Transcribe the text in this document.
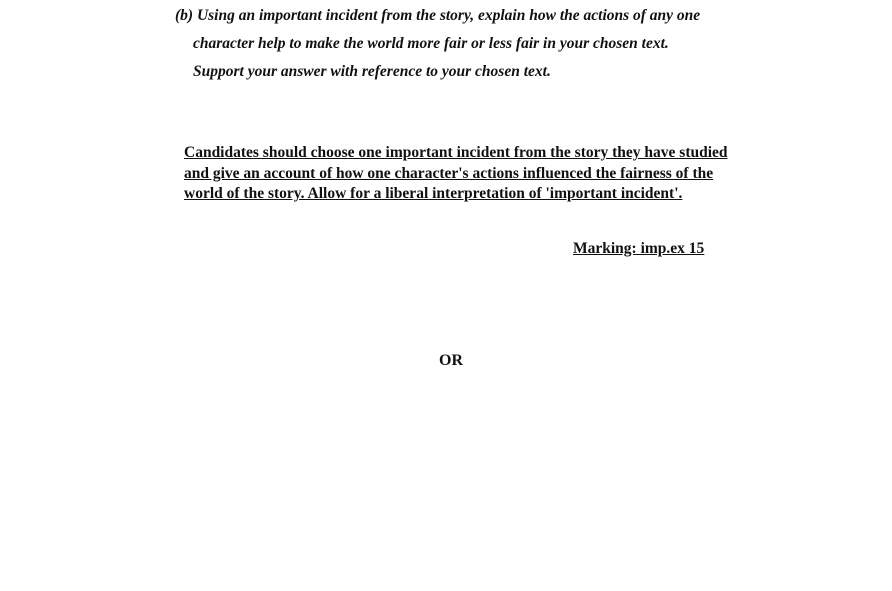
(b) Using an important incident from the story, explain how the actions of any one
character help to make the world more fair or less fair in your chosen text.
Support your answer with reference to your chosen text.
Candidates should choose one important incident from the story they have studied
and give an account of how one character's actions influenced the fairness of the
world of the story. Allow for a liberal interpretation of 'important incident'.
Marking: imp.ex 15
OR
